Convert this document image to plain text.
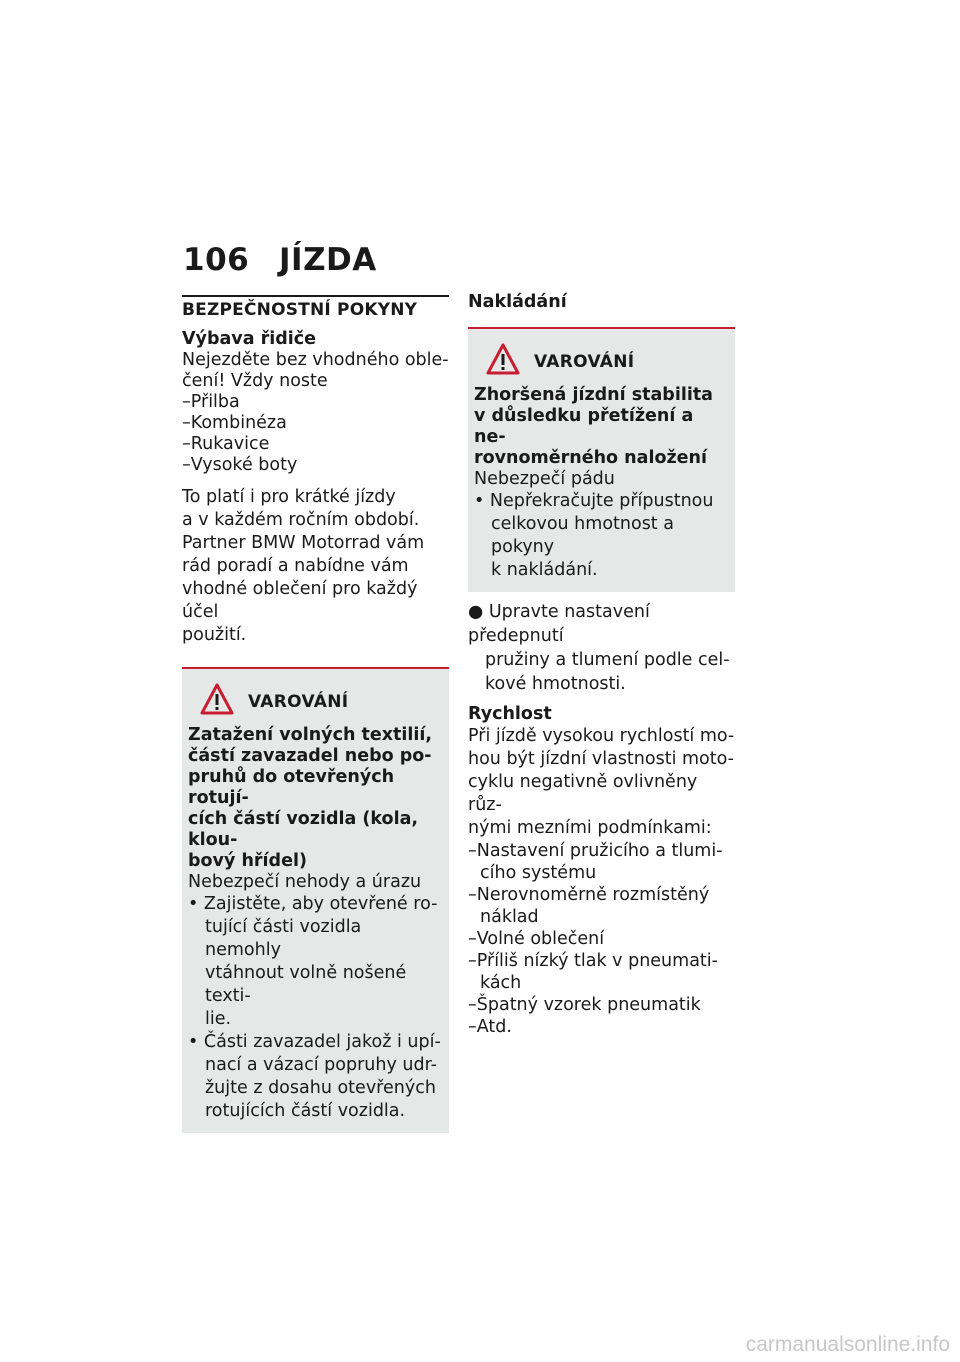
106 JÍZDA
BEZPEČNOSTNÍ POKYNY
Výbava řidiče
Nejezděte bez vhodného oble-
čení! Vždy noste
–Přilba
–Kombinéza
–Rukavice
–Vysoké boty
To platí i pro krátké jízdy
a v každém ročním období.
Partner BMW Motorrad vám
rád poradí a nabídne vám
vhodné oblečení pro každý účel
použití.
VAROVÁNÍ
Zatažení volných textilií,
částí zavazadel nebo po-
pruhů do otevřených rotují-
cích částí vozidla (kola, klou-
bový hřídel)
Nebezpečí nehody a úrazu
• Zajistěte, aby otevřené ro-
tující části vozidla nemohly
vtáhnout volně nošené texti-
lie.
• Části zavazadel jakož i upí-
nací a vázací popruhy udr-
žujte z dosahu otevřených
rotujících částí vozidla.
Nakládání
VAROVÁNÍ
Zhoršená jízdní stabilita
v důsledku přetížení a ne-
rovnoměrného naložení
Nebezpečí pádu
• Nepřekračujte přípustnou
celkovou hmotnost a pokyny
k nakládání.
● Upravte nastavení předepnutí
pružiny a tlumení podle cel-
kové hmotnosti.
Rychlost
Při jízdě vysokou rychlostí mo-
hou být jízdní vlastnosti moto-
cyklu negativně ovlivněny růz-
nými mezními podmínkami:
–Nastavení pružicího a tlumi-
cího systému
–Nerovnoměrně rozmístěný
náklad
–Volné oblečení
–Příliš nízký tlak v pneumati-
kách
–Špatný vzorek pneumatik
–Atd.
carmanualsonline.info
